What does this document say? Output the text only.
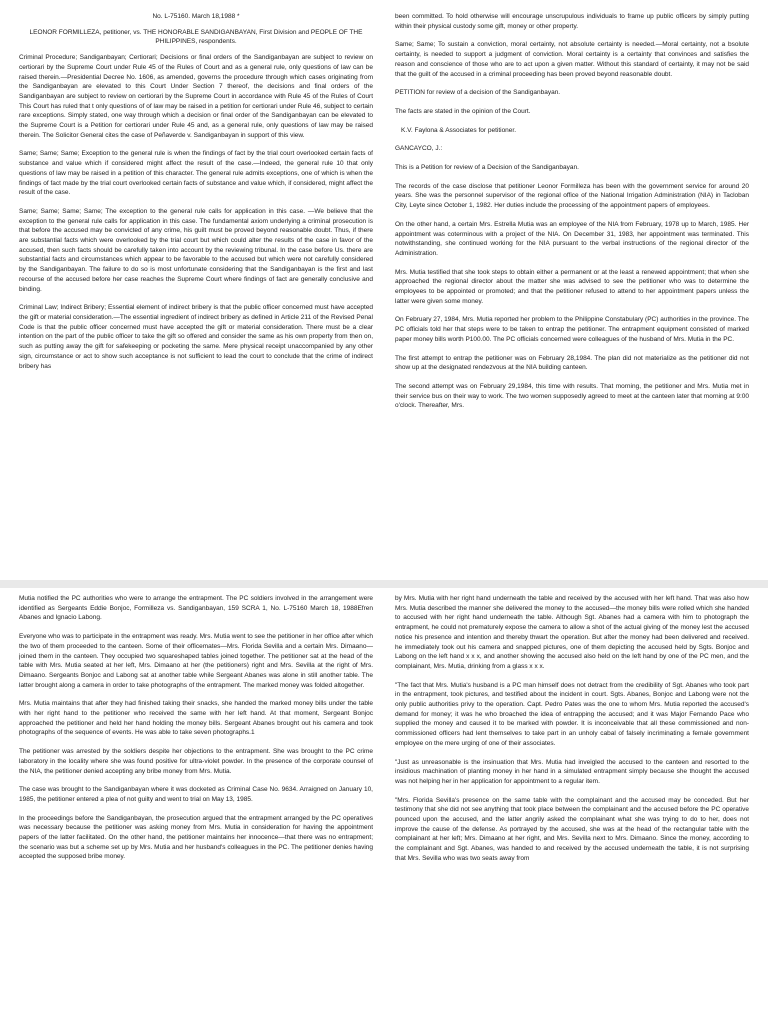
No. L-75160. March 18,1988 *

LEONOR FORMILLEZA, petitioner, vs. THE HONORABLE SANDIGANBAYAN, First Division and PEOPLE OF THE PHILIPPINES, respondents.

Criminal Procedure; Sandiganbayan; Certiorari; Decisions or final orders of the Sandiganbayan are subject to review on certiorari by the Supreme Court under Rule 45 of the Rules of Court and as a general rule, only questions of law can be raised therein.—Presidential Decree No. 1606, as amended, governs the procedure through which cases originating from the Sandiganbayan are elevated to this Court Under Section 7 thereof, the decisions and final orders of the Sandiganbayan are subject to review on certiorari by the Supreme Court in accordance with Rule 45 of the Rules of Court This Court has ruled that t only questions of of law may be raised in a petition for certiorari under Rule 46, subject to certain rare exceptions. Simply stated, one way through which a decision or final order of the Sandiganbayan can be elevated to the Supreme Court is a Petition for certiorari under Rule 45 and, as a general rule, only questions of law may be raised therein. The Solicitor General cites the case of Peñaverde v. Sandiganbayan in support of this view.

Same; Same; Same; Exception to the general rule is when the findings of fact by the trial court overlooked certain facts of substance and value which if considered might affect the result of the case.—Indeed, the general rule 10 that only questions of law may be raised in a petition of this character. The general rule admits exceptions, one of which is when the findings of fact made by the trial court overlooked certain facts of substance and value which, if considered, might affect the result of the case.

Same; Same; Same; Same; The exception to the general rule calls for application in this case. —We believe that the exception to the general rule calls for application in this case. The fundamental axiom underlying a criminal prosecution is that before the accused may be convicted of any crime, his guilt must be proved beyond reasonable doubt. Thus, if there are substantial facts which were overlooked by the trial court but which could alter the results of the case in favor of the accused, then such facts should be carefully taken into account by the reviewing tribunal. In the case before Us. there are substantial facts and circumstances which appear to be favorable to the accused but which were not carefully considered by the Sandiganbayan. The failure to do so is most unfortunate considering that the Sandiganbayan is the first and last recourse of the accused before her case reaches the Supreme Court where findings of fact are generally conclusive and binding.

Criminal Law; Indirect Bribery; Essential element of indirect bribery is that the public officer concerned must have accepted the gift or material consideration.—The essential ingredient of indirect bribery as defined in Article 211 of the Revised Penal Code is that the public officer concerned must have accepted the gift or material consideration. There must be a clear intention on the part of the public officer to take the gift so offered and consider the same as his own property from then on, such as putting away the gift for safekeeping or pocketing the same. Mere physical receipt unaccompanied by any other sign, circumstance or act to show such acceptance is not sufficient to lead the court to conclude that the crime of indirect bribery has

been committed. To hold otherwise will encourage unscrupulous individuals to frame up public officers by simply putting within their physical custody some gift, money or other property.

Same; Same; To sustain a conviction, moral certainty, not absolute certainty is needed.—Moral certainty, not a bsolute certainty, is needed to support a judgment of conviction. Moral certainty is a certainty that convinces and satisfies the reason and conscience of those who are to act upon a given matter. Without this standard of certainty, it may not be said that the guilt of the accused in a criminal proceeding has been proved beyond reasonable doubt.

PETITION for review of a decision of the Sandiganbayan.

The facts are stated in the opinion of the Court.

K.V. Faylona & Associates for petitioner.

GANCAYCO, J.:

This is a Petition for review of a Decision of the Sandiganbayan.

The records of the case disclose that petitioner Leonor Formilleza has been with the government service for around 20 years. She was the personnel supervisor of the regional office of the National Irrigation Administration (NIA) in Tacloban City, Leyte since October 1, 1982. Her duties include the processing of the appointment papers of employees.

On the other hand, a certain Mrs. Estrella Mutia was an employee of the NIA from February, 1978 up to March, 1985. Her appointment was coterminous with a project of the NIA. On December 31, 1983, her appointment was terminated. This notwithstanding, she continued working for the NIA pursuant to the verbal instructions of the regional director of the Administration.

Mrs. Mutia testified that she took steps to obtain either a permanent or at the least a renewed appointment; that when she approached the regional director about the matter she was advised to see the petitioner who was to determine the employees to be appointed or promoted; and that the petitioner refused to attend to her appointment papers unless the latter were given some money.

On February 27, 1984, Mrs. Mutia reported her problem to the Philippine Constabulary (PC) authorities in the province. The PC officials told her that steps were to be taken to entrap the petitioner. The entrapment equipment consisted of marked paper money bills worth P100.00. The PC officials concerned were colleagues of the husband of Mrs. Mutia in the PC.

The first attempt to entrap the petitioner was on February 28,1984. The plan did not materialize as the petitioner did not show up at the designated rendezvous at the NIA building canteen.

The second attempt was on February 29,1984, this time with results. That morning, the petitioner and Mrs. Mutia met in their service bus on their way to work. The two women supposedly agreed to meet at the canteen later that morning at 9:00 o'clock. Thereafter, Mrs.

Mutia notified the PC authorities who were to arrange the entrapment. The PC soldiers involved in the arrangement were identified as Sergeants Eddie Bonjoc, Formilleza vs. Sandiganbayan, 159 SCRA 1, No. L-75160 March 18, 1988Efren Abanes and Ignacio Labong.

Everyone who was to participate in the entrapment was ready. Mrs. Mutia went to see the petitioner in her office after which the two of them proceeded to the canteen. Some of their officemates—Mrs. Florida Sevilla and a certain Mrs. Dimaano—joined them in the canteen. They occupied two squareshaped tables joined together. The petitioner sat at the head of the table with Mrs. Mutia seated at her left, Mrs. Dimaano at her (the petitioners) right and Mrs. Sevilla at the right of Mrs. Dimaano. Sergeants Bonjoc and Labong sat at another table while Sergeant Abanes was alone in still another table. The latter brought along a camera in order to take photographs of the entrapment. The marked money was folded altogether.

Mrs. Mutia maintains that after they had finished taking their snacks, she handed the marked money bills under the table with her right hand to the petitioner who received the same with her left hand. At that moment, Sergeant Bonjoc approached the petitioner and held her hand holding the money bills. Sergeant Abanes brought out his camera and took photographs of the sequence of events. He was able to take seven photographs.1

The petitioner was arrested by the soldiers despite her objections to the entrapment. She was brought to the PC crime laboratory in the locality where she was found positive for ultra-violet powder. In the presence of the corporate counsel of the NIA, the petitioner denied accepting any bribe money from Mrs. Mutia.

The case was brought to the Sandiganbayan where it was docketed as Criminal Case No. 9634. Arraigned on January 10, 1985, the petitioner entered a plea of not guilty and went to trial on May 13, 1985.

In the proceedings before the Sandiganbayan, the prosecution argued that the entrapment arranged by the PC operatives was necessary because the petitioner was asking money from Mrs. Mutia in consideration for having the appointment papers of the latter facilitated. On the other hand, the petitioner maintains her innocence—that there was no entrapment; the scenario was but a scheme set up by Mrs. Mutia and her husband's colleagues in the PC. The petitioner denies having accepted the supposed bribe money.

by Mrs. Mutia with her right hand underneath the table and received by the accused with her left hand. That was also how Mrs. Mutia described the manner she delivered the money to the accused—the money bills were rolled which she handed to accused with her right hand underneath the table. Although Sgt. Abanes had a camera with him to photograph the entrapment, he could not prematurely expose the camera to allow a shot of the actual giving of the money lest the accused notice his presence and intention and thereby thwart the operation. But after the money had been delivered and received. he immediately took out his camera and snapped pictures, one of them depicting the accused held by Sgts. Bonjoc and Labong on the left hand x x x, and another showing the accused also held on the left hand by one of the PC men, and the complainant, Mrs. Mutia, drinking from a glass x x x.

"The fact that Mrs. Mutia's husband is a PC man himself does not detract from the credibility of Sgt. Abanes who took part in the entrapment, took pictures, and testified about the incident in court. Sgts. Abanes, Bonjoc and Labong were not the only public authorities privy to the operation. Capt. Pedro Pates was the one to whom Mrs. Mutia reported the accused's demand for money; it was he who broached the idea of entrapping the accused; and it was Major Fernando Pace who supplied the money and caused it to be marked with powder. It is inconceivable that all these commissioned and non- commissioned officers had lent themselves to take part in an unholy cabal of falsely incriminating a female government employee on the mere urging of one of their associates.

"Just as unreasonable is the insinuation that Mrs. Mutia had inveigled the accused to the canteen and resorted to the insidious machination of planting money in her hand in a simulated entrapment simply because she thought the accused was not helping her in her application for appointment to a regular item.

"Mrs. Florida Sevilla's presence on the same table with the complainant and the accused may be conceded. But her testimony that she did not see anything that took place between the complainant and the accused before the PC operative pounced upon the accused, and the latter angrily asked the complainant what she was trying to do to her, does not improve the cause of the defense. As portrayed by the accused, she was at the head of the rectangular table with the complainant at her left; Mrs. Dimaano at her right, and Mrs. Sevilla next to Mrs. Dimaano. Since the money, according to the complainant and Sgt. Abanes, was handed to and received by the accused underneath the table, it is not surprising that Mrs. Sevilla who was two seats away from
